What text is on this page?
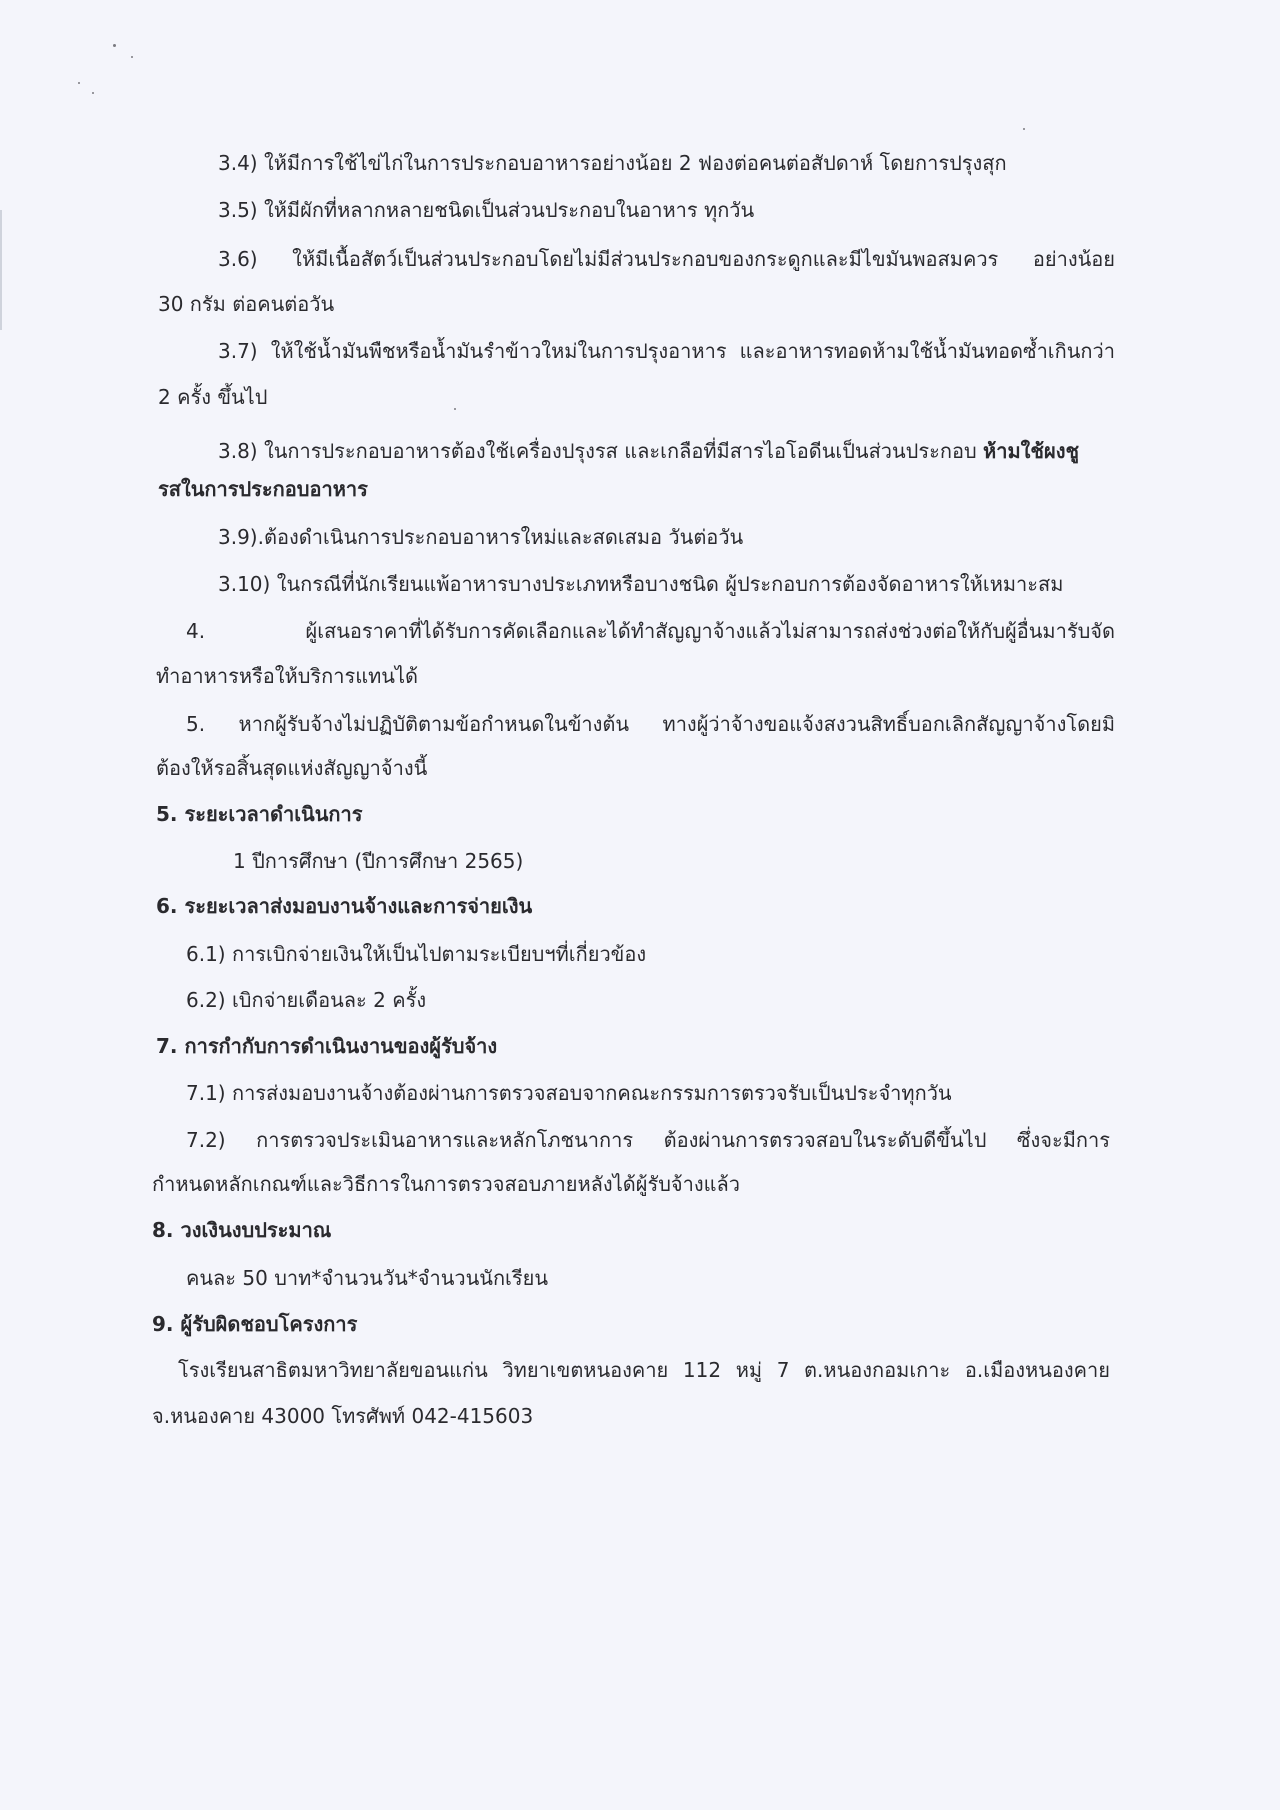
3.4) ให้มีการใช้ไข่ไก่ในการประกอบอาหารอย่างน้อย 2 ฟองต่อคนต่อสัปดาห์ โดยการปรุงสุก
3.5) ให้มีผักที่หลากหลายชนิดเป็นส่วนประกอบในอาหาร ทุกวัน
3.6) ให้มีเนื้อสัตว์เป็นส่วนประกอบโดยไม่มีส่วนประกอบของกระดูกและมีไขมันพอสมควร อย่างน้อย
30 กรัม ต่อคนต่อวัน
3.7) ให้ใช้น้ำมันพืชหรือน้ำมันรำข้าวใหม่ในการปรุงอาหาร และอาหารทอดห้ามใช้น้ำมันทอดซ้ำเกินกว่า
2 ครั้ง ขึ้นไป
3.8) ในการประกอบอาหารต้องใช้เครื่องปรุงรส และเกลือที่มีสารไอโอดีนเป็นส่วนประกอบ ห้ามใช้ผงชู
รสในการประกอบอาหาร
3.9).ต้องดำเนินการประกอบอาหารใหม่และสดเสมอ วันต่อวัน
3.10) ในกรณีที่นักเรียนแพ้อาหารบางประเภทหรือบางชนิด ผู้ประกอบการต้องจัดอาหารให้เหมาะสม
4. ผู้เสนอราคาที่ได้รับการคัดเลือกและได้ทำสัญญาจ้างแล้วไม่สามารถส่งช่วงต่อให้กับผู้อื่นมารับจัด
ทำอาหารหรือให้บริการแทนได้
5. หากผู้รับจ้างไม่ปฏิบัติตามข้อกำหนดในข้างต้น ทางผู้ว่าจ้างขอแจ้งสงวนสิทธิ์บอกเลิกสัญญาจ้างโดยมิ
ต้องให้รอสิ้นสุดแห่งสัญญาจ้างนี้
5. ระยะเวลาดำเนินการ
1 ปีการศึกษา (ปีการศึกษา 2565)
6. ระยะเวลาส่งมอบงานจ้างและการจ่ายเงิน
6.1) การเบิกจ่ายเงินให้เป็นไปตามระเบียบฯที่เกี่ยวข้อง
6.2) เบิกจ่ายเดือนละ 2 ครั้ง
7. การกำกับการดำเนินงานของผู้รับจ้าง
7.1) การส่งมอบงานจ้างต้องผ่านการตรวจสอบจากคณะกรรมการตรวจรับเป็นประจำทุกวัน
7.2) การตรวจประเมินอาหารและหลักโภชนาการ ต้องผ่านการตรวจสอบในระดับดีขึ้นไป ซึ่งจะมีการ
กำหนดหลักเกณฑ์และวิธีการในการตรวจสอบภายหลังได้ผู้รับจ้างแล้ว
8. วงเงินงบประมาณ
คนละ 50 บาท*จำนวนวัน*จำนวนนักเรียน
9. ผู้รับผิดชอบโครงการ
โรงเรียนสาธิตมหาวิทยาลัยขอนแก่น วิทยาเขตหนองคาย 112 หมู่ 7 ต.หนองกอมเกาะ อ.เมืองหนองคาย
จ.หนองคาย 43000 โทรศัพท์ 042-415603
